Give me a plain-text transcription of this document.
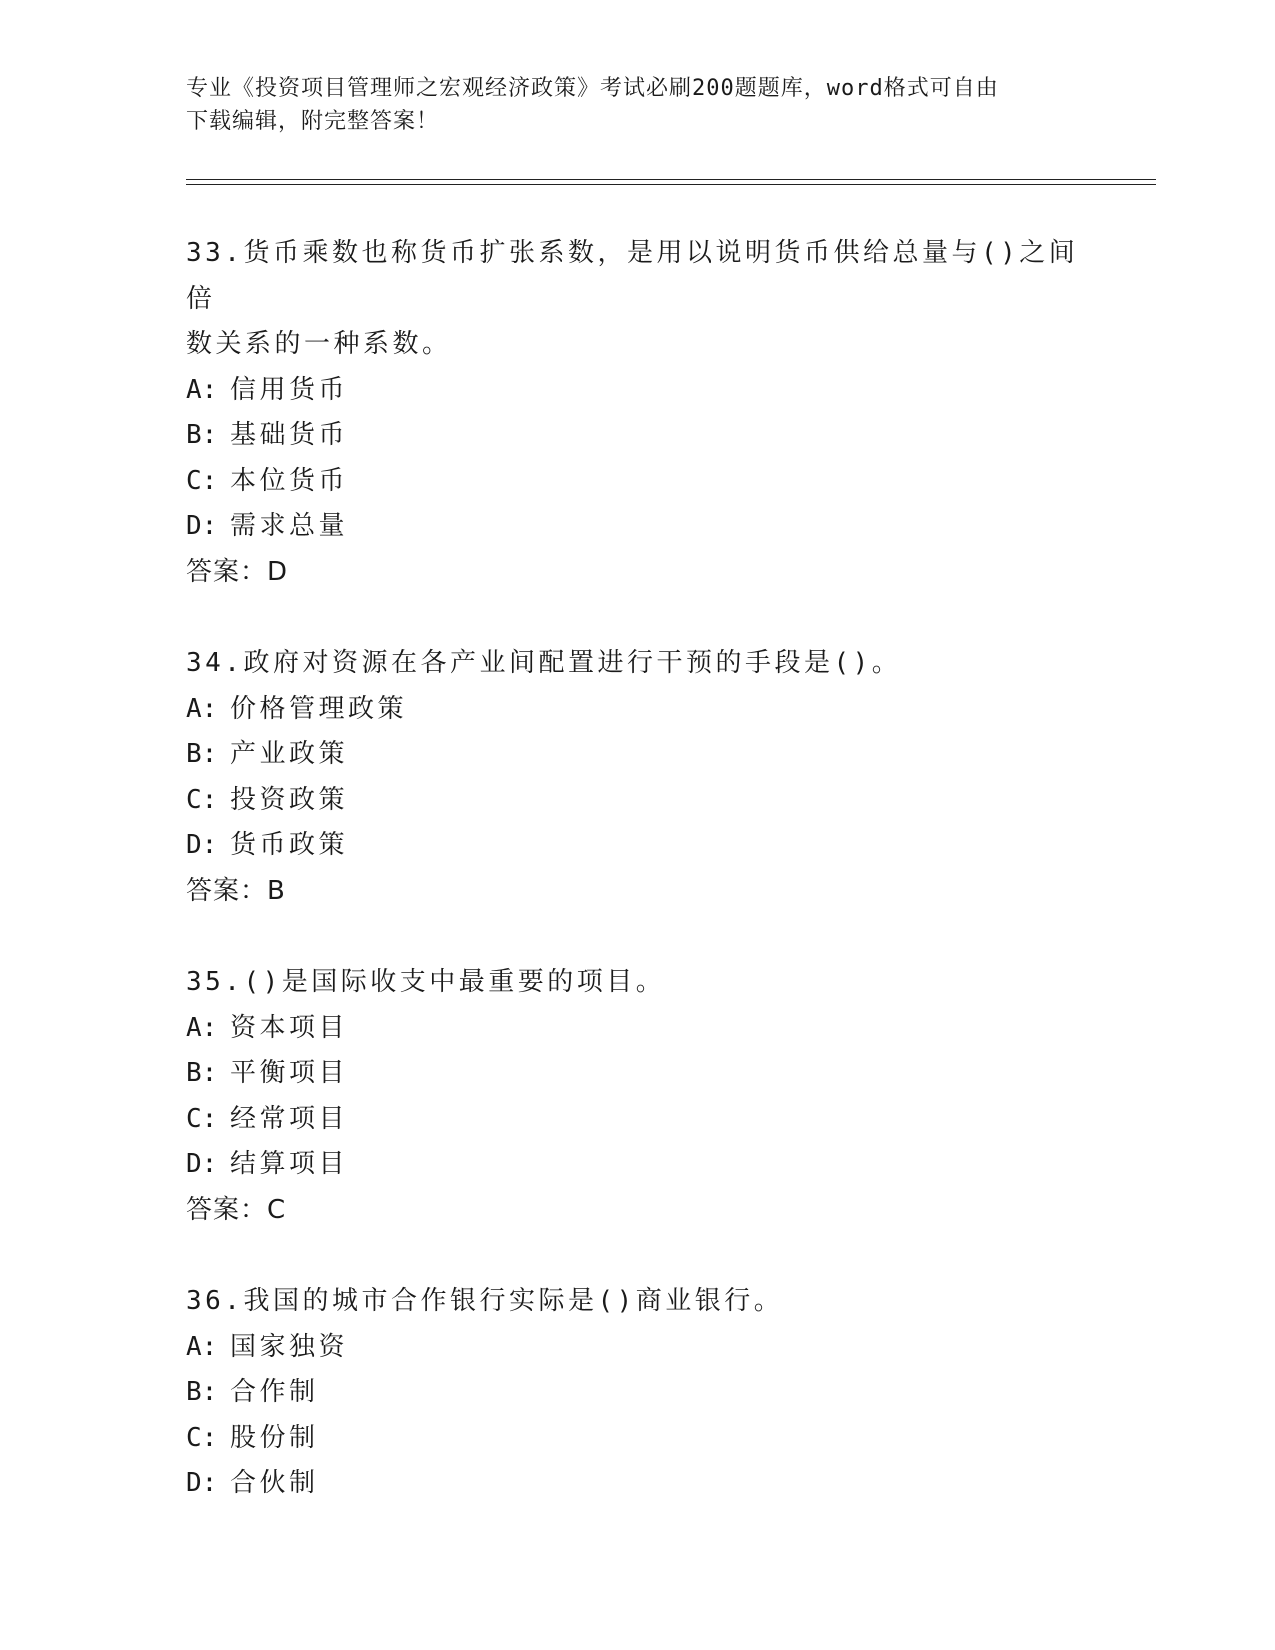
专业《投资项目管理师之宏观经济政策》考试必刷200题题库，word格式可自由
下载编辑，附完整答案！
33.货币乘数也称货币扩张系数，是用以说明货币供给总量与()之间倍
数关系的一种系数。
A: 信用货币
B: 基础货币
C: 本位货币
D: 需求总量
答案：D
34.政府对资源在各产业间配置进行干预的手段是()。
A: 价格管理政策
B: 产业政策
C: 投资政策
D: 货币政策
答案：B
35.()是国际收支中最重要的项目。
A: 资本项目
B: 平衡项目
C: 经常项目
D: 结算项目
答案：C
36.我国的城市合作银行实际是()商业银行。
A: 国家独资
B: 合作制
C: 股份制
D: 合伙制
